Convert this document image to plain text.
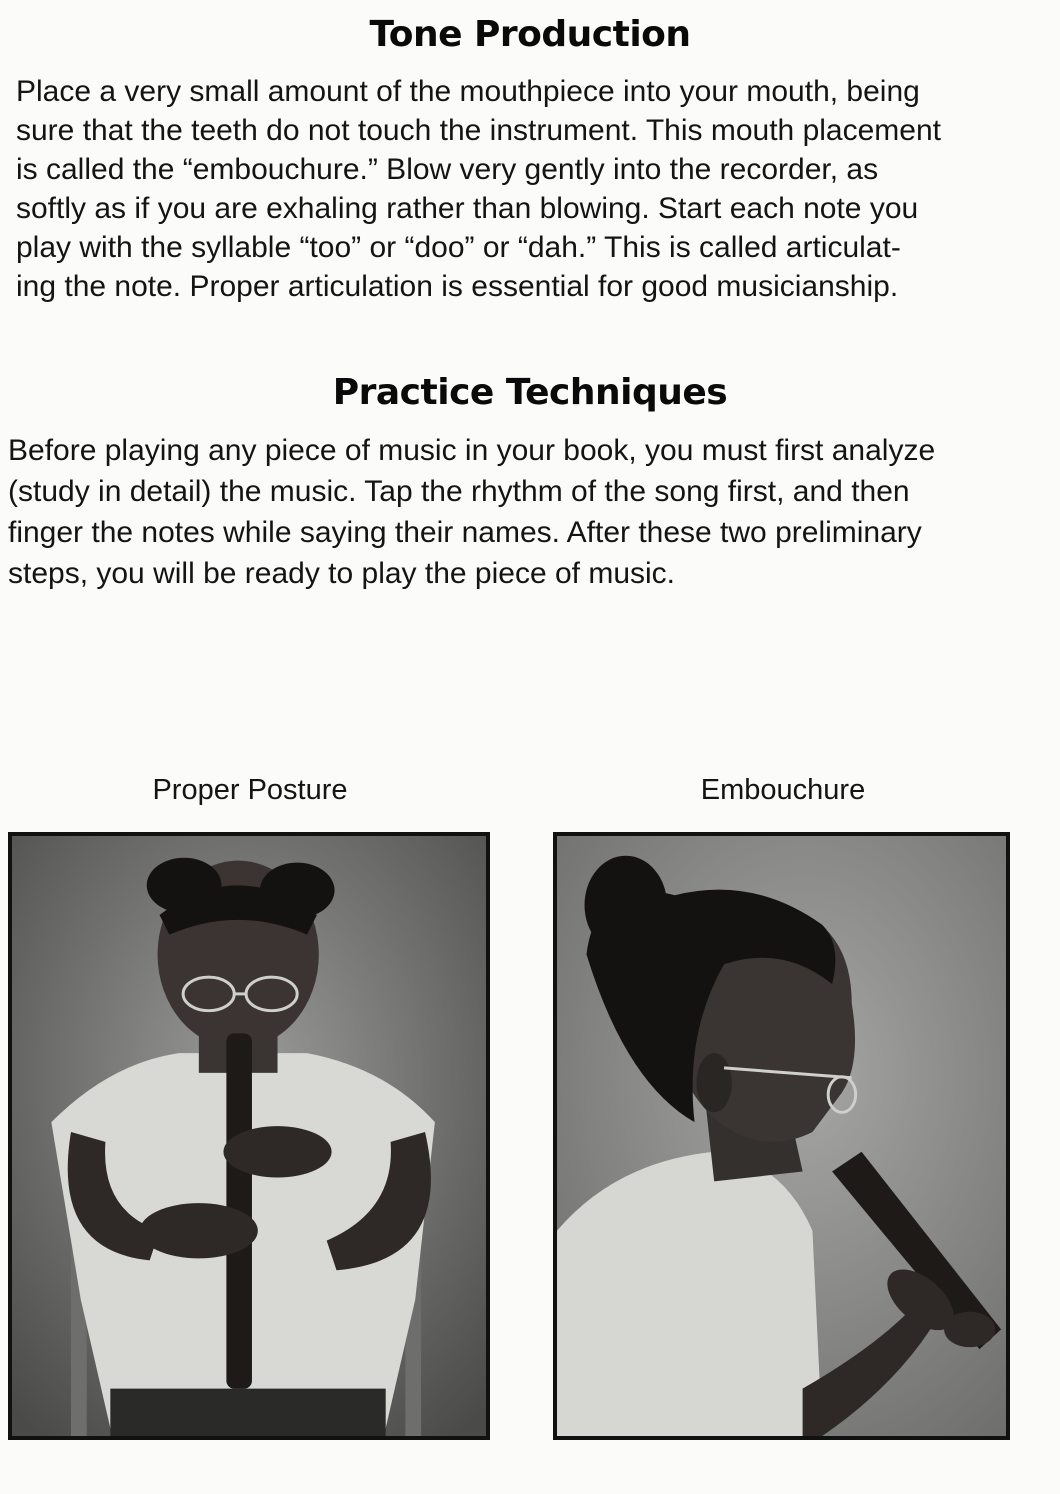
Tone Production

Place a very small amount of the mouthpiece into your mouth, being
sure that the teeth do not touch the instrument. This mouth placement
is called the “embouchure.” Blow very gently into the recorder, as
softly as if you are exhaling rather than blowing. Start each note you
play with the syllable “too” or “doo” or “dah.” This is called articulat-
ing the note. Proper articulation is essential for good musicianship.

Practice Techniques

Before playing any piece of music in your book, you must first analyze
(study in detail) the music. Tap the rhythm of the song first, and then
finger the notes while saying their names. After these two preliminary
steps, you will be ready to play the piece of music.

Proper Posture	Embouchure
